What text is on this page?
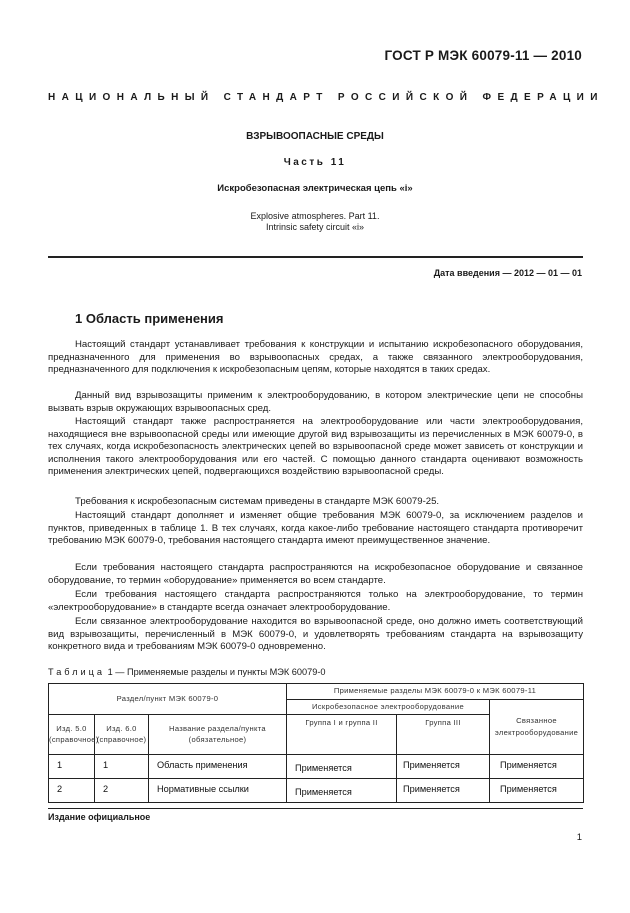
ГОСТ Р МЭК 60079-11 — 2010
НАЦИОНАЛЬНЫЙ СТАНДАРТ РОССИЙСКОЙ ФЕДЕРАЦИИ
ВЗРЫВООПАСНЫЕ СРЕДЫ
Часть 11
Искробезопасная электрическая цепь «i»
Explosive atmospheres. Part 11.
Intrinsic safety circuit «i»
Дата введения — 2012 — 01 — 01
1 Область применения

Настоящий стандарт устанавливает требования к конструкции и испытанию искробезопасного оборудования, предназначенного для применения во взрывоопасных средах, а также связанного электрооборудования, предназначенного для подключения к искробезопасным цепям, которые находятся в таких средах.

Данный вид взрывозащиты применим к электрооборудованию, в котором электрические цепи не способны вызвать взрыв окружающих взрывоопасных сред.

Настоящий стандарт также распространяется на электрооборудование или части электрооборудования, находящиеся вне взрывоопасной среды или имеющие другой вид взрывозащиты из перечисленных в МЭК 60079-0, в тех случаях, когда искробезопасность электрических цепей во взрывоопасной среде может зависеть от конструкции и исполнения такого электрооборудования или его частей. С помощью данного стандарта оценивают возможность применения электрических цепей, подвергающихся воздействию взрывоопасной среды.

Требования к искробезопасным системам приведены в стандарте МЭК 60079-25.

Настоящий стандарт дополняет и изменяет общие требования МЭК 60079-0, за исключением разделов и пунктов, приведенных в таблице 1. В тех случаях, когда какое-либо требование настоящего стандарта противоречит требованию МЭК 60079-0, требования настоящего стандарта имеют преимущественное значение.

Если требования настоящего стандарта распространяются на искробезопасное оборудование и связанное оборудование, то термин «оборудование» применяется во всем стандарте.

Если требования настоящего стандарта распространяются только на электрооборудование, то термин «электрооборудование» в стандарте всегда означает электрооборудование.

Если связанное электрооборудование находится во взрывоопасной среде, оно должно иметь соответствующий вид взрывозащиты, перечисленный в МЭК 60079-0, и удовлетворять требованиям стандарта на взрывозащиту конкретного вида и требованиям МЭК 60079-0 одновременно.

Таблица 1 — Применяемые разделы и пункты МЭК 60079-0
Раздел/пункт МЭК 60079-0			Применяемые разделы МЭК 60079-0 к МЭК 60079-11		
			Искробезопасное электрооборудование		Связанное электрооборудование
Изд. 5.0 (справочное)	Изд. 6.0 (справочное)	Название раздела/пункта (обязательное)	Группа I и группа II	Группа III	
1	1	Область применения	Применяется	Применяется	Применяется
2	2	Нормативные ссылки	Применяется	Применяется	Применяется
Издание официальное
1
